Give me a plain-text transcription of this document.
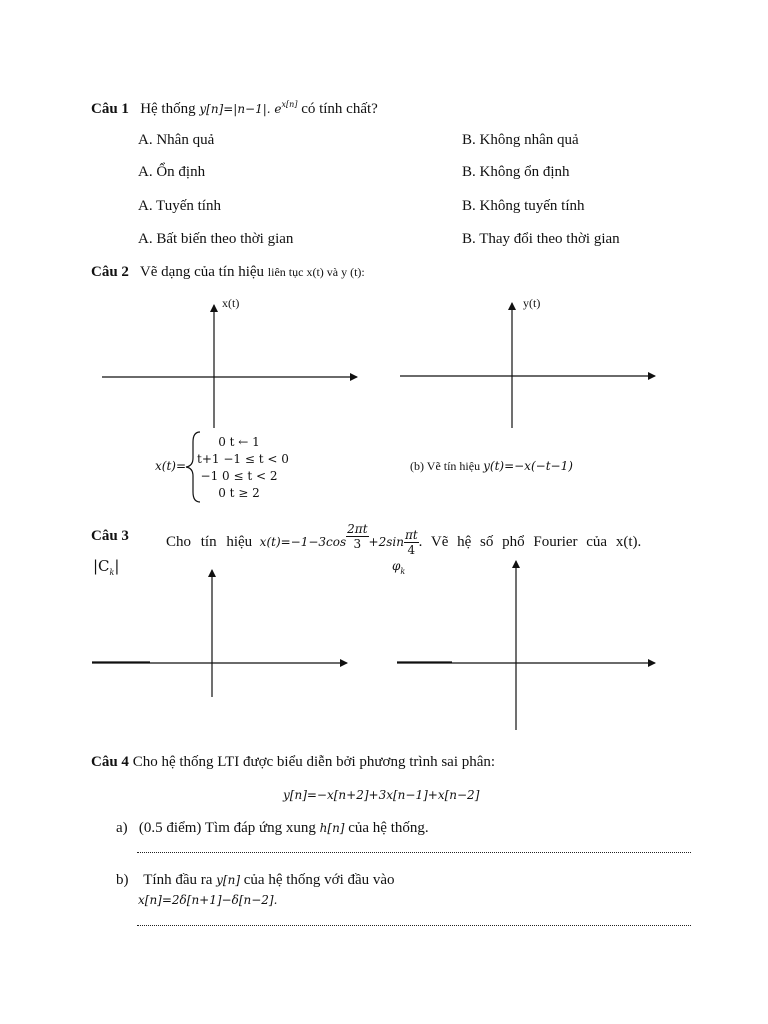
Câu 1 Hệ thống y[n]=|n−1|. $e^{x[n]}$ có tính chất?
A. Nhân quả	B. Không nhân quả
A. Ổn định	B. Không ổn định
A. Tuyến tính	B. Không tuyến tính
A. Bất biến theo thời gian	B. Thay đổi theo thời gian
Câu 2 Vẽ dạng của tín hiệu liên tục x(t) và y (t):
x(t)	y(t)
x(t)=
0 t ← 1
t+1 −1 ≤ t < 0
−1 0 ≤ t < 2
0 t ≥ 2
(b) Vẽ tín hiệu y(t)=−x(−t−1)
Câu 3 Cho tín hiệu $x(t)=-1-3\cos \frac{2\pi t}{3} +2\sin \frac{\pi t}{4}$ . Vẽ hệ số phổ Fourier của x(t).
$|C_k|$	$\varphi_k$
Câu 4 Cho hệ thống LTI được biểu diễn bởi phương trình sai phân:
y[n]=−x[n+2]+3x[n−1]+x[n−2]
a) (0.5 điểm) Tìm đáp ứng xung h[n] của hệ thống.
b) Tính đầu ra y[n] của hệ thống với đầu vào
x[n]=2δ[n+1]−δ[n−2].
